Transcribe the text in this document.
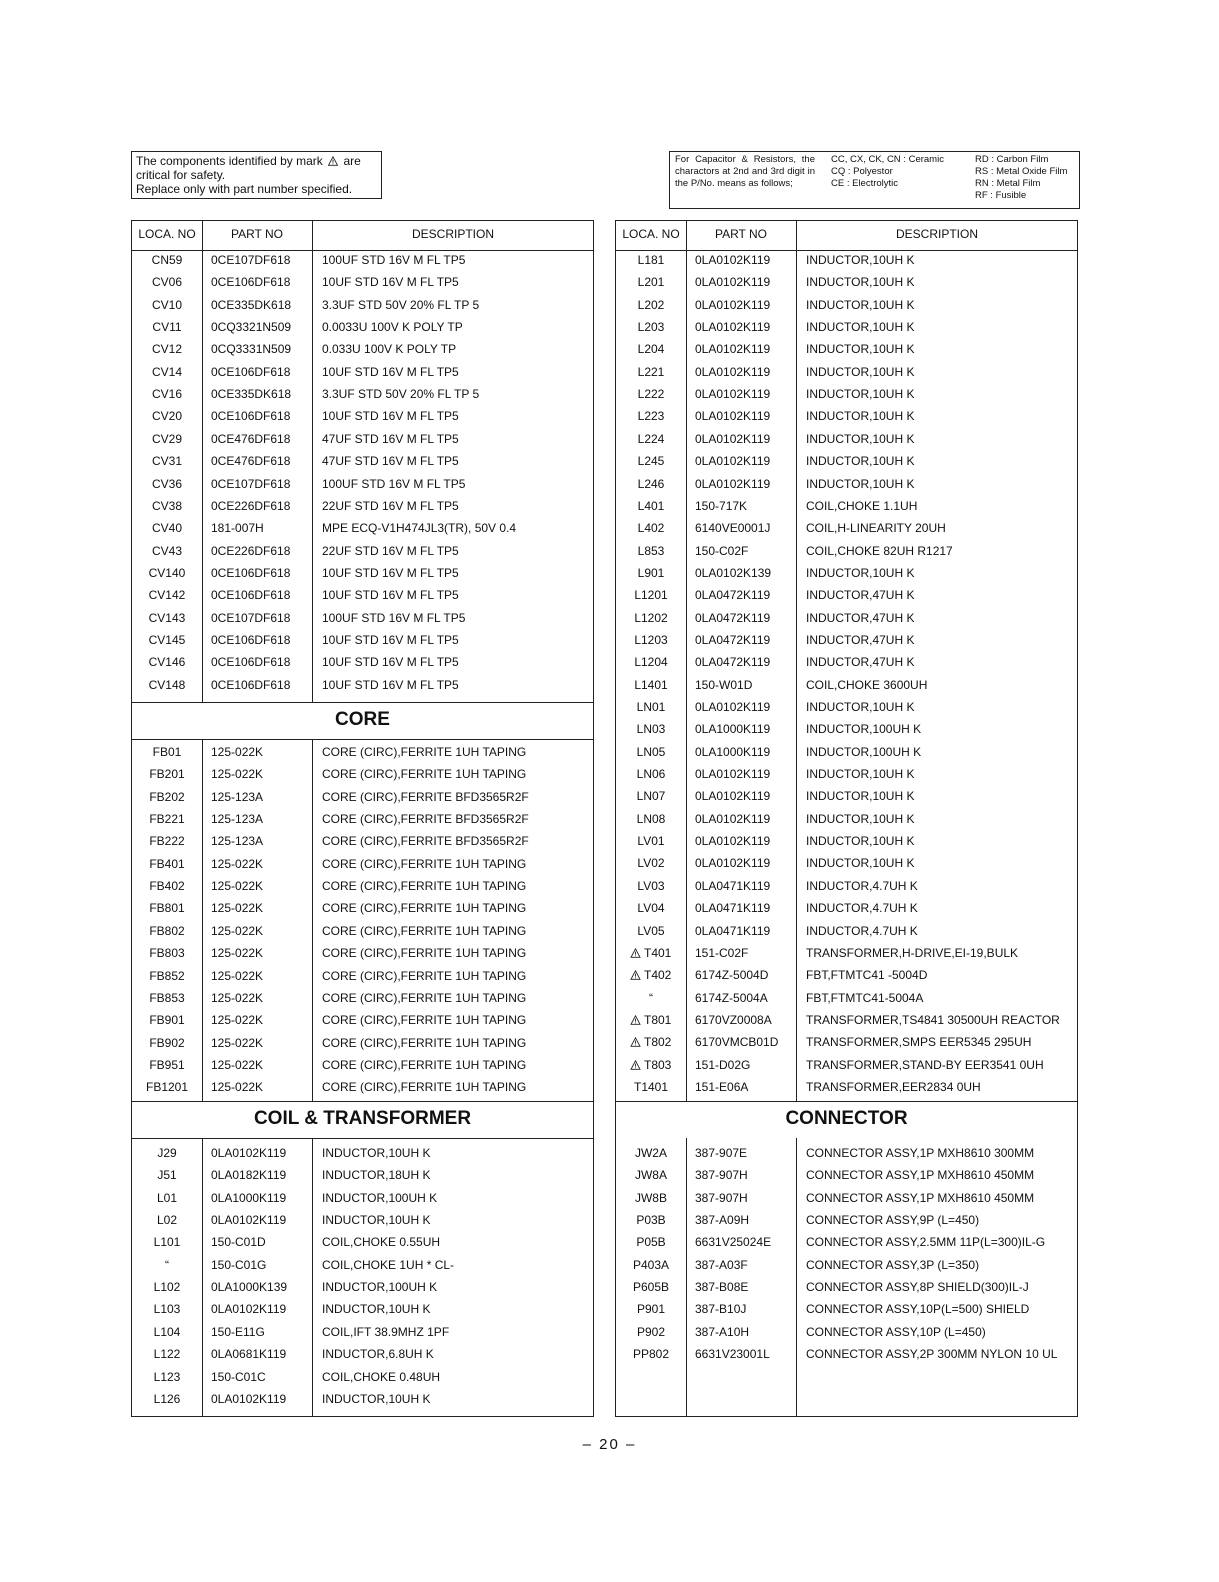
The components identified by mark are
critical for safety.
Replace only with part number specified.
For Capacitor & Resistors, the charactors at 2nd and 3rd digit in the P/No. means as follows;
CC, CX, CK, CN : Ceramic
CQ : Polyestor
CE : Electrolytic
RD : Carbon Film
RS : Metal Oxide Film
RN : Metal Film
RF : Fusible
LOCA. NO	PART NO	DESCRIPTION
CORE
COIL & TRANSFORMER
CN59	0CE107DF618	100UF STD 16V M FL TP5
CV06	0CE106DF618	10UF STD 16V M FL TP5
CV10	0CE335DK618	3.3UF STD 50V 20% FL TP 5
CV11	0CQ3321N509	0.0033U 100V K POLY TP
CV12	0CQ3331N509	0.033U 100V K POLY TP
CV14	0CE106DF618	10UF STD 16V M FL TP5
CV16	0CE335DK618	3.3UF STD 50V 20% FL TP 5
CV20	0CE106DF618	10UF STD 16V M FL TP5
CV29	0CE476DF618	47UF STD 16V M FL TP5
CV31	0CE476DF618	47UF STD 16V M FL TP5
CV36	0CE107DF618	100UF STD 16V M FL TP5
CV38	0CE226DF618	22UF STD 16V M FL TP5
CV40	181-007H	MPE ECQ-V1H474JL3(TR), 50V 0.4
CV43	0CE226DF618	22UF STD 16V M FL TP5
CV140	0CE106DF618	10UF STD 16V M FL TP5
CV142	0CE106DF618	10UF STD 16V M FL TP5
CV143	0CE107DF618	100UF STD 16V M FL TP5
CV145	0CE106DF618	10UF STD 16V M FL TP5
CV146	0CE106DF618	10UF STD 16V M FL TP5
CV148	0CE106DF618	10UF STD 16V M FL TP5
FB01	125-022K	CORE (CIRC),FERRITE 1UH TAPING
FB201	125-022K	CORE (CIRC),FERRITE 1UH TAPING
FB202	125-123A	CORE (CIRC),FERRITE BFD3565R2F
FB221	125-123A	CORE (CIRC),FERRITE BFD3565R2F
FB222	125-123A	CORE (CIRC),FERRITE BFD3565R2F
FB401	125-022K	CORE (CIRC),FERRITE 1UH TAPING
FB402	125-022K	CORE (CIRC),FERRITE 1UH TAPING
FB801	125-022K	CORE (CIRC),FERRITE 1UH TAPING
FB802	125-022K	CORE (CIRC),FERRITE 1UH TAPING
FB803	125-022K	CORE (CIRC),FERRITE 1UH TAPING
FB852	125-022K	CORE (CIRC),FERRITE 1UH TAPING
FB853	125-022K	CORE (CIRC),FERRITE 1UH TAPING
FB901	125-022K	CORE (CIRC),FERRITE 1UH TAPING
FB902	125-022K	CORE (CIRC),FERRITE 1UH TAPING
FB951	125-022K	CORE (CIRC),FERRITE 1UH TAPING
FB1201	125-022K	CORE (CIRC),FERRITE 1UH TAPING
J29	0LA0102K119	INDUCTOR,10UH K
J51	0LA0182K119	INDUCTOR,18UH K
L01	0LA1000K119	INDUCTOR,100UH K
L02	0LA0102K119	INDUCTOR,10UH K
L101	150-C01D	COIL,CHOKE 0.55UH
“	150-C01G	COIL,CHOKE 1UH * CL-
L102	0LA1000K139	INDUCTOR,100UH K
L103	0LA0102K119	INDUCTOR,10UH K
L104	150-E11G	COIL,IFT 38.9MHZ 1PF
L122	0LA0681K119	INDUCTOR,6.8UH K
L123	150-C01C	COIL,CHOKE 0.48UH
L126	0LA0102K119	INDUCTOR,10UH K
LOCA. NO	PART NO	DESCRIPTION
CONNECTOR
L181	0LA0102K119	INDUCTOR,10UH K
L201	0LA0102K119	INDUCTOR,10UH K
L202	0LA0102K119	INDUCTOR,10UH K
L203	0LA0102K119	INDUCTOR,10UH K
L204	0LA0102K119	INDUCTOR,10UH K
L221	0LA0102K119	INDUCTOR,10UH K
L222	0LA0102K119	INDUCTOR,10UH K
L223	0LA0102K119	INDUCTOR,10UH K
L224	0LA0102K119	INDUCTOR,10UH K
L245	0LA0102K119	INDUCTOR,10UH K
L246	0LA0102K119	INDUCTOR,10UH K
L401	150-717K	COIL,CHOKE 1.1UH
L402	6140VE0001J	COIL,H-LINEARITY 20UH
L853	150-C02F	COIL,CHOKE 82UH R1217
L901	0LA0102K139	INDUCTOR,10UH K
L1201	0LA0472K119	INDUCTOR,47UH K
L1202	0LA0472K119	INDUCTOR,47UH K
L1203	0LA0472K119	INDUCTOR,47UH K
L1204	0LA0472K119	INDUCTOR,47UH K
L1401	150-W01D	COIL,CHOKE 3600UH
LN01	0LA0102K119	INDUCTOR,10UH K
LN03	0LA1000K119	INDUCTOR,100UH K
LN05	0LA1000K119	INDUCTOR,100UH K
LN06	0LA0102K119	INDUCTOR,10UH K
LN07	0LA0102K119	INDUCTOR,10UH K
LN08	0LA0102K119	INDUCTOR,10UH K
LV01	0LA0102K119	INDUCTOR,10UH K
LV02	0LA0102K119	INDUCTOR,10UH K
LV03	0LA0471K119	INDUCTOR,4.7UH K
LV04	0LA0471K119	INDUCTOR,4.7UH K
LV05	0LA0471K119	INDUCTOR,4.7UH K
T401 151-C02F	TRANSFORMER,H-DRIVE,EI-19,BULK
T402 6174Z-5004D	FBT,FTMTC41 -5004D
“	6174Z-5004A	FBT,FTMTC41-5004A
T801 6170VZ0008A	TRANSFORMER,TS4841 30500UH REACTOR
T802 6170VMCB01D TRANSFORMER,SMPS EER5345 295UH
T803 151-D02G	TRANSFORMER,STAND-BY EER3541 0UH
T1401	151-E06A	TRANSFORMER,EER2834 0UH
JW2A	387-907E	CONNECTOR ASSY,1P MXH8610 300MM
JW8A	387-907H	CONNECTOR ASSY,1P MXH8610 450MM
JW8B	387-907H	CONNECTOR ASSY,1P MXH8610 450MM
P03B	387-A09H	CONNECTOR ASSY,9P (L=450)
P05B	6631V25024E	CONNECTOR ASSY,2.5MM 11P(L=300)IL-G
P403A	387-A03F	CONNECTOR ASSY,3P (L=350)
P605B	387-B08E	CONNECTOR ASSY,8P SHIELD(300)IL-J
P901	387-B10J	CONNECTOR ASSY,10P(L=500) SHIELD
P902	387-A10H	CONNECTOR ASSY,10P (L=450)
PP802	6631V23001L	CONNECTOR ASSY,2P 300MM NYLON 10 UL
– 20 –
